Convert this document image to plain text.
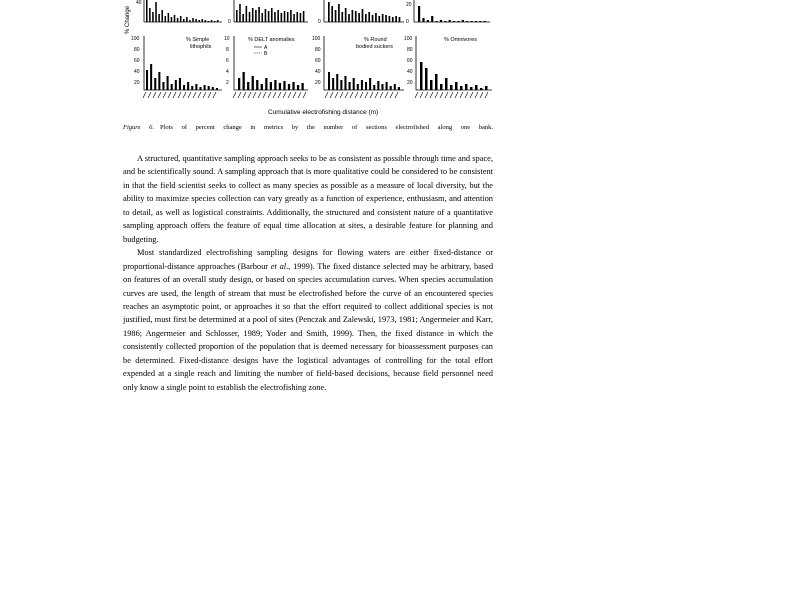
% Change
40
0	0
20
0
100
80
60
40
20
% Simple
lithophils
10
8
6
4
2
% DELT anomalies
A
B
100
80
60
40
20
% Round
bodied suckers
100
80
60
40
20
% Omnivores
Cumulative electrofishing distance (m)
Figure 6. Plots of percent change in metrics by the number of sections electrofished along one bank.

A structured, quantitative sampling approach seeks to be as consistent as possible through time and space, and be scientifically sound. A sampling approach that is more qualitative could be considered to be consistent in that the field scientist seeks to collect as many species as possible as a measure of local diversity, but the ability to maximize species collection can vary greatly as a function of experience, enthusiasm, and attention to detail, as well as logistical constraints. Additionally, the structured and consistent nature of a quantitative sampling approach offers the feature of equal time allocation at sites, a desirable feature for planning and budgeting.

Most standardized electrofishing sampling designs for flowing waters are either fixed-distance or proportional-distance approaches (Barbour et al., 1999). The fixed distance selected may be arbitrary, based on features of an overall study design, or based on species accumulation curves. When species accumulation curves are used, the length of stream that must be electrofished before the curve of an encountered species reaches an asymptotic point, or approaches it so that the effort required to collect additional species is not justified, must first be determined at a pool of sites (Penczak and Zalewski, 1973, 1981; Angermeier and Karr, 1986; Angermeier and Schlosser, 1989; Yoder and Smith, 1999). Then, the fixed distance in which the consistently collected proportion of the population that is deemed necessary for bioassessment purposes can be determined. Fixed-distance designs have the logistical advantages of controlling for the total effort expended at a single reach and limiting the number of field-based decisions, because field personnel need only know a single point to establish the electrofishing zone.
